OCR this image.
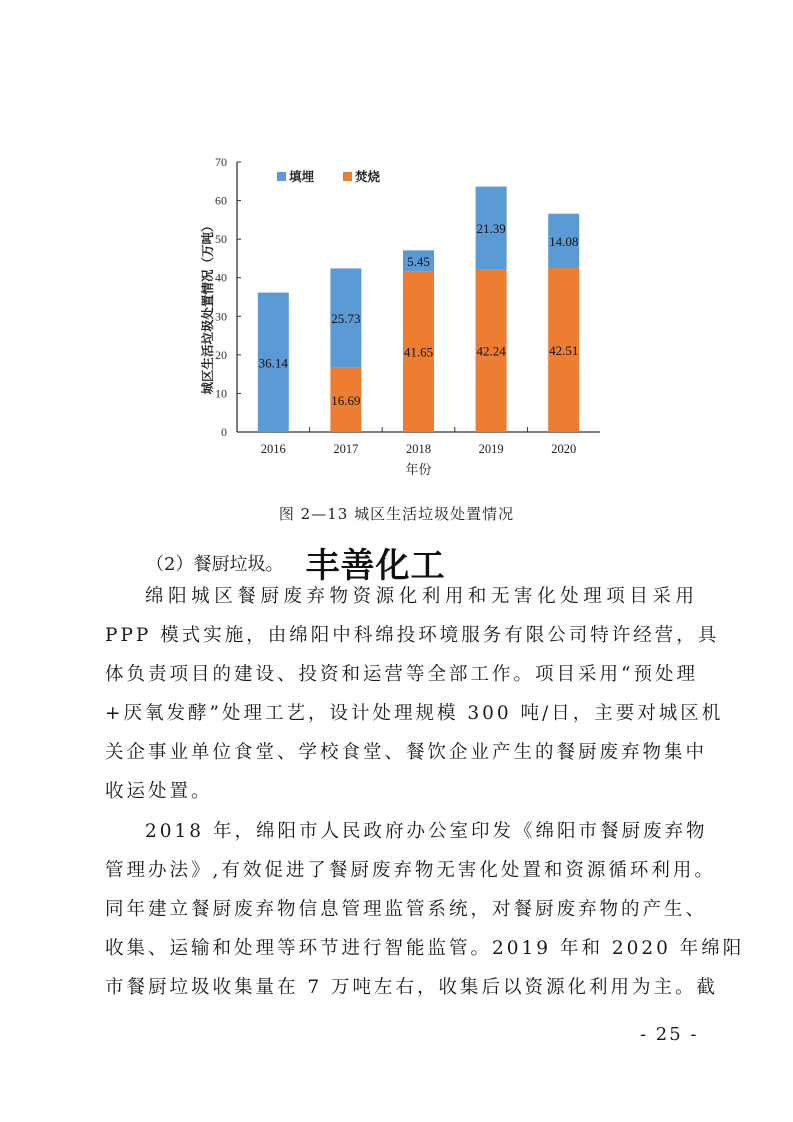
0
10
20
30
40
50
60
70
36.14
2016
25.73
16.69
2017
5.45
41.65
2018
21.39
42.24
2019
14.08
42.51
2020
年份
城区生活垃圾处置情况（万吨）
填埋	焚烧
图 2—13 城区生活垃圾处置情况
（2）餐厨垃圾。 丰善化工
绵阳城区餐厨废弃物资源化利用和无害化处理项目采用
PPP 模式实施，由绵阳中科绵投环境服务有限公司特许经营，具
体负责项目的建设、投资和运营等全部工作。项目采用“预处理
+厌氧发酵”处理工艺，设计处理规模 300 吨/日，主要对城区机
关企事业单位食堂、学校食堂、餐饮企业产生的餐厨废弃物集中
收运处置。
2018 年，绵阳市人民政府办公室印发《绵阳市餐厨废弃物
管理办法》,有效促进了餐厨废弃物无害化处置和资源循环利用。
同年建立餐厨废弃物信息管理监管系统，对餐厨废弃物的产生、
收集、运输和处理等环节进行智能监管。2019 年和 2020 年绵阳
市餐厨垃圾收集量在 7 万吨左右，收集后以资源化利用为主。截
- 25 -
